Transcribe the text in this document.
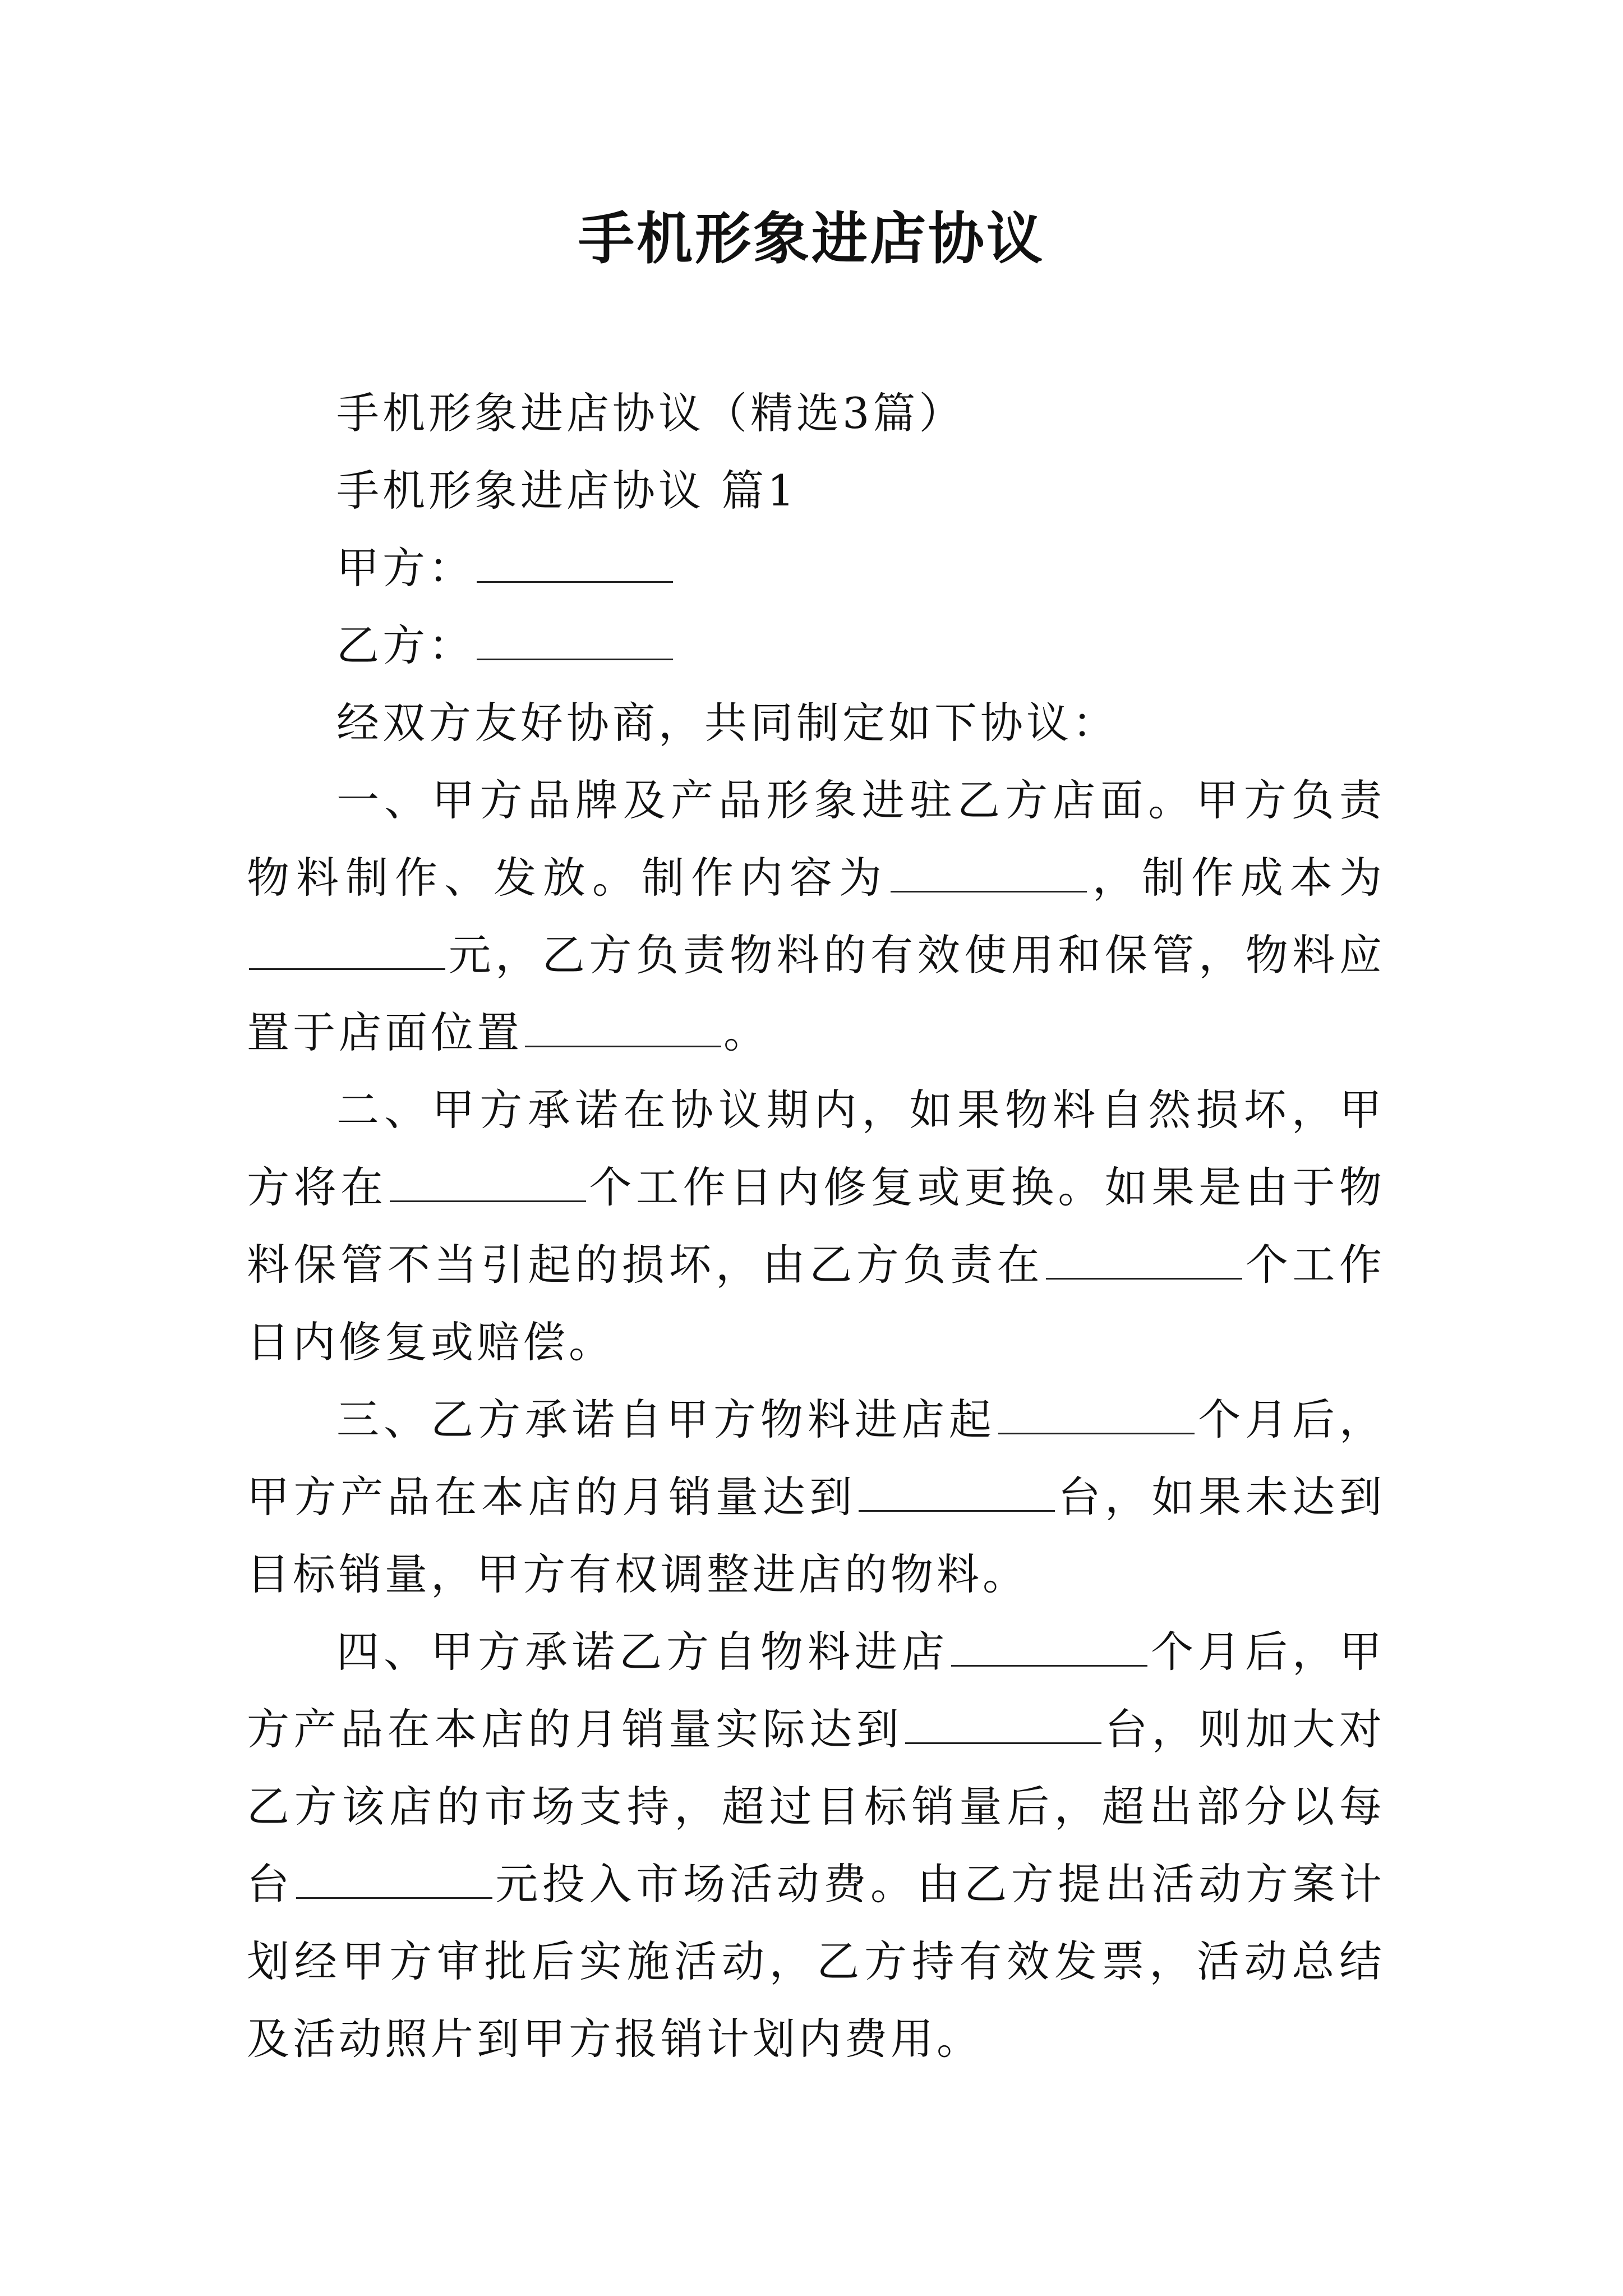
手机形象进店协议

手机形象进店协议（精选3篇）

手机形象进店协议 篇1

甲方：

乙方：

经双方友好协商，共同制定如下协议：

一、甲方品牌及产品形象进驻乙方店面。甲方负责物料制作、发放。制作内容为	，制作成本为元，乙方负责物料的有效使用和保管，物料应置于店面位置	。

二、甲方承诺在协议期内，如果物料自然损坏，甲方将在	个工作日内修复或更换。如果是由于物料保管不当引起的损坏，由乙方负责在	个工作日内修复或赔偿。

三、乙方承诺自甲方物料进店起	个月后，甲方产品在本店的月销量达到	台，如果未达到目标销量，甲方有权调整进店的物料。

四、甲方承诺乙方自物料进店	个月后，甲方产品在本店的月销量实际达到	台，则加大对乙方该店的市场支持，超过目标销量后，超出部分以每台	元投入市场活动费。由乙方提出活动方案计划经甲方审批后实施活动，乙方持有效发票，活动总结及活动照片到甲方报销计划内费用。
